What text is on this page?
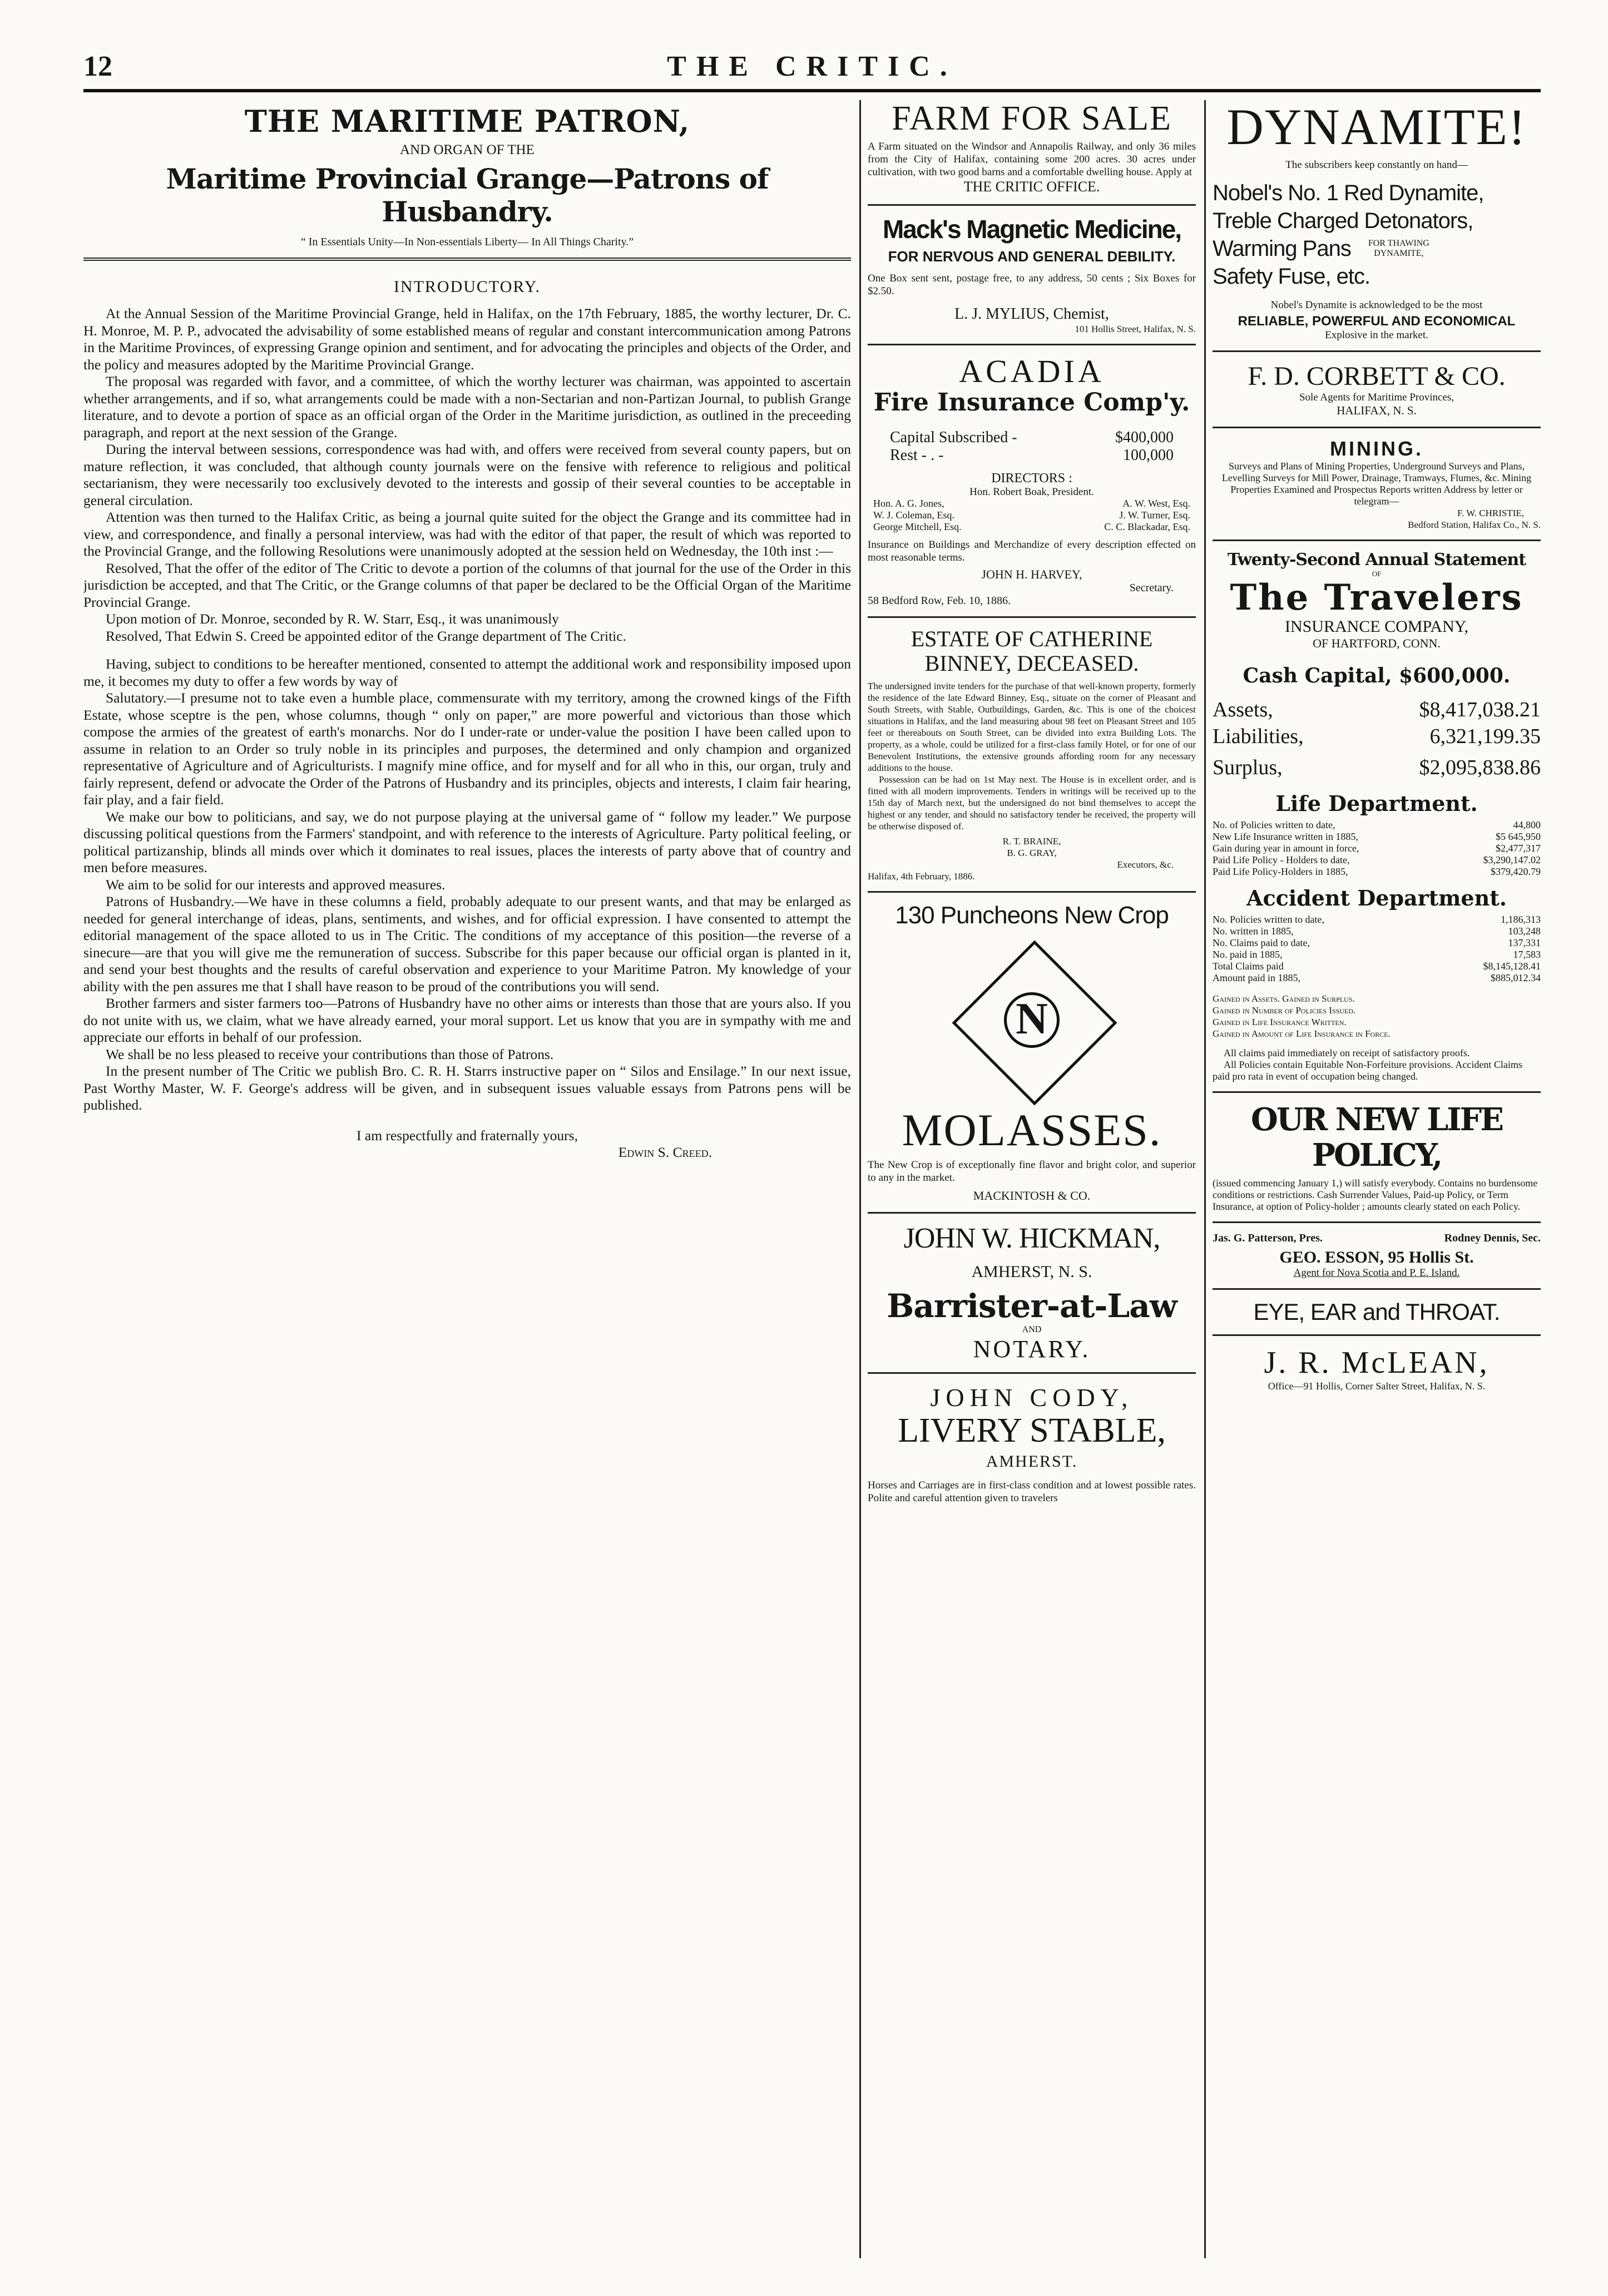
12	THE CRITIC.
THE MARITIME PATRON,
AND ORGAN OF THE
Maritime Provincial Grange—Patrons of Husbandry.
“ In Essentials Unity—In Non-essentials Liberty— In All Things Charity.”
INTRODUCTORY.

At the Annual Session of the Maritime Provincial Grange, held in Halifax, on the 17th February, 1885, the worthy lecturer, Dr. C. H. Monroe, M. P. P., advocated the advisability of some established means of regular and constant intercommunication among Patrons in the Maritime Provinces, of expressing Grange opinion and sentiment, and for advocating the principles and objects of the Order, and the policy and measures adopted by the Maritime Provincial Grange.

The proposal was regarded with favor, and a committee, of which the worthy lecturer was chairman, was appointed to ascertain whether arrangements, and if so, what arrangements could be made with a non-Sectarian and non-Partizan Journal, to publish Grange literature, and to devote a portion of space as an official organ of the Order in the Maritime jurisdiction, as outlined in the preceeding paragraph, and report at the next session of the Grange.

During the interval between sessions, correspondence was had with, and offers were received from several county papers, but on mature reflection, it was concluded, that although county journals were on the fensive with reference to religious and political sectarianism, they were necessarily too exclusively devoted to the interests and gossip of their several counties to be acceptable in general circulation.

Attention was then turned to the Halifax Critic, as being a journal quite suited for the object the Grange and its committee had in view, and correspondence, and finally a personal interview, was had with the editor of that paper, the result of which was reported to the Provincial Grange, and the following Resolutions were unanimously adopted at the session held on Wednesday, the 10th inst :—

Resolved, That the offer of the editor of The Critic to devote a portion of the columns of that journal for the use of the Order in this jurisdiction be accepted, and that The Critic, or the Grange columns of that paper be declared to be the Official Organ of the Maritime Provincial Grange.

Upon motion of Dr. Monroe, seconded by R. W. Starr, Esq., it was unanimously

Resolved, That Edwin S. Creed be appointed editor of the Grange department of The Critic.

Having, subject to conditions to be hereafter mentioned, consented to attempt the additional work and responsibility imposed upon me, it becomes my duty to offer a few words by way of

Salutatory.—I presume not to take even a humble place, commensurate with my territory, among the crowned kings of the Fifth Estate, whose sceptre is the pen, whose columns, though “ only on paper,” are more powerful and victorious than those which compose the armies of the greatest of earth's monarchs. Nor do I under-rate or under-value the position I have been called upon to assume in relation to an Order so truly noble in its principles and purposes, the determined and only champion and organized representative of Agriculture and of Agriculturists. I magnify mine office, and for myself and for all who in this, our organ, truly and fairly represent, defend or advocate the Order of the Patrons of Husbandry and its principles, objects and interests, I claim fair hearing, fair play, and a fair field.

We make our bow to politicians, and say, we do not purpose playing at the universal game of “ follow my leader.” We purpose discussing political questions from the Farmers' standpoint, and with reference to the interests of Agriculture. Party political feeling, or political partizanship, blinds all minds over which it dominates to real issues, places the interests of party above that of country and men before measures.

We aim to be solid for our interests and approved measures.

Patrons of Husbandry.—We have in these columns a field, probably adequate to our present wants, and that may be enlarged as needed for general interchange of ideas, plans, sentiments, and wishes, and for official expression. I have consented to attempt the editorial management of the space alloted to us in The Critic. The conditions of my acceptance of this position—the reverse of a sinecure—are that you will give me the remuneration of success. Subscribe for this paper because our official organ is planted in it, and send your best thoughts and the results of careful observation and experience to your Maritime Patron. My knowledge of your ability with the pen assures me that I shall have reason to be proud of the contributions you will send.

Brother farmers and sister farmers too—Patrons of Husbandry have no other aims or interests than those that are yours also. If you do not unite with us, we claim, what we have already earned, your moral support. Let us know that you are in sympathy with me and appreciate our efforts in behalf of our profession.

We shall be no less pleased to receive your contributions than those of Patrons.

In the present number of The Critic we publish Bro. C. R. H. Starrs instructive paper on “ Silos and Ensilage.” In our next issue, Past Worthy Master, W. F. George's address will be given, and in subsequent issues valuable essays from Patrons pens will be published.

I am respectfully and fraternally yours,

Edwin S. Creed.

FARM FOR SALE
A Farm situated on the Windsor and Annapolis Railway, and only 36 miles from the City of Halifax, containing some 200 acres. 30 acres under cultivation, with two good barns and a comfortable dwelling house. Apply at
THE CRITIC OFFICE.
Mack's Magnetic Medicine,
FOR NERVOUS AND GENERAL DEBILITY.
One Box sent sent, postage free, to any address, 50 cents ; Six Boxes for $2.50.
L. J. MYLIUS, Chemist,
101 Hollis Street, Halifax, N. S.
ACADIA
Fire Insurance Comp'y.
Capital Subscribed -	$400,000
Rest - . -	100,000
DIRECTORS :
Hon. Robert Boak, President.
Hon. A. G. Jones,	A. W. West, Esq.
W. J. Coleman, Esq.	J. W. Turner, Esq.
George Mitchell, Esq.	C. C. Blackadar, Esq.
Insurance on Buildings and Merchandize of every description effected on most reasonable terms.
JOHN H. HARVEY,
Secretary.
58 Bedford Row, Feb. 10, 1886.
ESTATE OF CATHERINE
BINNEY, DECEASED.
The undersigned invite tenders for the purchase of that well-known property, formerly the residence of the late Edward Binney, Esq., situate on the corner of Pleasant and South Streets, with Stable, Outbuildings, Garden, &c. This is one of the choicest situations in Halifax, and the land measuring about 98 feet on Pleasant Street and 105 feet or thereabouts on South Street, can be divided into extra Building Lots. The property, as a whole, could be utilized for a first-class family Hotel, or for one of our Benevolent Institutions, the extensive grounds affording room for any necessary additions to the house.
Possession can be had on 1st May next. The House is in excellent order, and is fitted with all modern improvements. Tenders in writings will be received up to the 15th day of March next, but the undersigned do not bind themselves to accept the highest or any tender, and should no satisfactory tender be received, the property will be otherwise disposed of.
R. T. BRAINE,
B. G. GRAY,
Executors, &c.
Halifax, 4th February, 1886.
130 Puncheons New Crop
N
MOLASSES.
The New Crop is of exceptionally fine flavor and bright color, and superior to any in the market.
MACKINTOSH & CO.
JOHN W. HICKMAN,
AMHERST, N. S.
Barrister-at-Law
AND
NOTARY.
JOHN CODY,
LIVERY STABLE,
AMHERST.
Horses and Carriages are in first-class condition and at lowest possible rates. Polite and careful attention given to travelers
DYNAMITE!
The subscribers keep constantly on hand—
Nobel's No. 1 Red Dynamite,
Treble Charged Detonators,
Warming Pans	FOR THAWING DYNAMITE,
Safety Fuse, etc.
Nobel's Dynamite is acknowledged to be the most
RELIABLE, POWERFUL AND ECONOMICAL
Explosive in the market.
F. D. CORBETT & CO.
Sole Agents for Maritime Provinces,
HALIFAX, N. S.
MINING.
Surveys and Plans of Mining Properties, Underground Surveys and Plans, Levelling Surveys for Mill Power, Drainage, Tramways, Flumes, &c. Mining Properties Examined and Prospectus Reports written Address by letter or telegram—
F. W. CHRISTIE,
Bedford Station, Halifax Co., N. S.
Twenty-Second Annual Statement
OF
The Travelers
INSURANCE COMPANY,
OF HARTFORD, CONN.
Cash Capital, $600,000.
Assets,	$8,417,038.21
Liabilities,	6,321,199.35
Surplus,	$2,095,838.86
Life Department.
No. of Policies written to date,	44,800
New Life Insurance written in 1885,	$5 645,950
Gain during year in amount in force,	$2,477,317
Paid Life Policy - Holders to date,	$3,290,147.02
Paid Life Policy-Holders in 1885,	$379,420.79
Accident Department.
No. Policies written to date,	1,186,313
No. written in 1885,	103,248
No. Claims paid to date,	137,331
No. paid in 1885,	17,583
Total Claims paid	$8,145,128.41
Amount paid in 1885,	$885,012.34
Gained in Assets. Gained in Surplus.
Gained in Number of Policies Issued.
Gained in Life Insurance Written.
Gained in Amount of Life Insurance in Force.
All claims paid immediately on receipt of satisfactory proofs.
All Policies contain Equitable Non-Forfeiture provisions. Accident Claims paid pro rata in event of occupation being changed.
OUR NEW LIFE POLICY,
(issued commencing January 1,) will satisfy everybody. Contains no burdensome conditions or restrictions. Cash Surrender Values, Paid-up Policy, or Term Insurance, at option of Policy-holder ; amounts clearly stated on each Policy.
Jas. G. Patterson, Pres.	Rodney Dennis, Sec.
GEO. ESSON, 95 Hollis St.
Agent for Nova Scotia and P. E. Island.
EYE, EAR and THROAT.
J. R. McLEAN,
Office—91 Hollis, Corner Salter Street, Halifax, N. S.
